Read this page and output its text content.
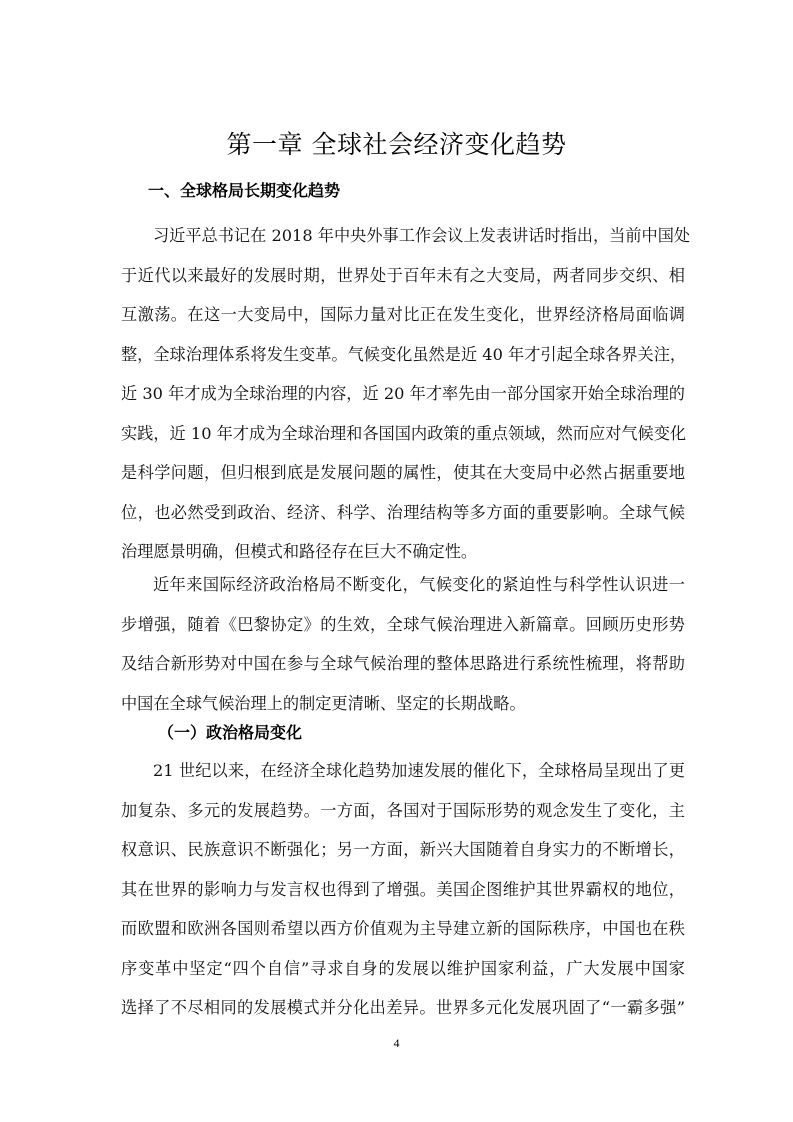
第一章 全球社会经济变化趋势
一、全球格局长期变化趋势
习近平总书记在 2018 年中央外事工作会议上发表讲话时指出，当前中国处
于近代以来最好的发展时期，世界处于百年未有之大变局，两者同步交织、相
互激荡。在这一大变局中，国际力量对比正在发生变化，世界经济格局面临调
整，全球治理体系将发生变革。气候变化虽然是近 40 年才引起全球各界关注，
近 30 年才成为全球治理的内容，近 20 年才率先由一部分国家开始全球治理的
实践，近 10 年才成为全球治理和各国国内政策的重点领域，然而应对气候变化
是科学问题，但归根到底是发展问题的属性，使其在大变局中必然占据重要地
位，也必然受到政治、经济、科学、治理结构等多方面的重要影响。全球气候
治理愿景明确，但模式和路径存在巨大不确定性。
近年来国际经济政治格局不断变化，气候变化的紧迫性与科学性认识进一
步增强，随着《巴黎协定》的生效，全球气候治理进入新篇章。回顾历史形势
及结合新形势对中国在参与全球气候治理的整体思路进行系统性梳理，将帮助
中国在全球气候治理上的制定更清晰、坚定的长期战略。
（一）政治格局变化
21 世纪以来，在经济全球化趋势加速发展的催化下，全球格局呈现出了更
加复杂、多元的发展趋势。一方面，各国对于国际形势的观念发生了变化，主
权意识、民族意识不断强化；另一方面，新兴大国随着自身实力的不断增长，
其在世界的影响力与发言权也得到了增强。美国企图维护其世界霸权的地位，
而欧盟和欧洲各国则希望以西方价值观为主导建立新的国际秩序，中国也在秩
序变革中坚定“四个自信”寻求自身的发展以维护国家利益，广大发展中国家
选择了不尽相同的发展模式并分化出差异。世界多元化发展巩固了“一霸多强”
4
